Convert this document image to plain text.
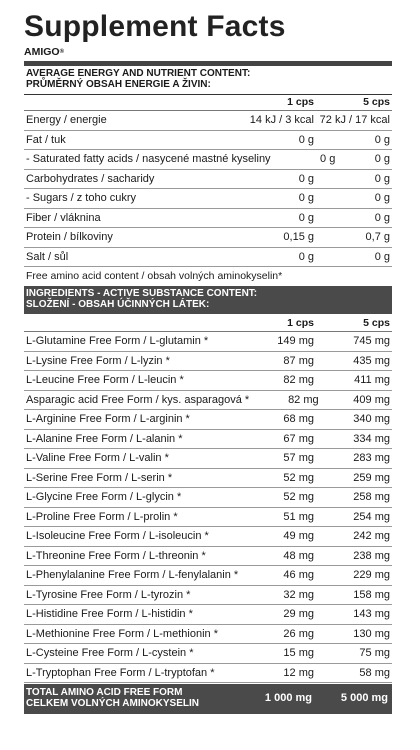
Supplement Facts
AMIGO®
AVERAGE ENERGY AND NUTRIENT CONTENT:
PRŮMĚRNÝ OBSAH ENERGIE A ŽIVIN:
1 cps	5 cps
Energy / energie	14 kJ / 3 kcal 72 kJ / 17 kcal
Fat / tuk	0 g	0 g
- Saturated fatty acids / nasycené mastné kyseliny	0 g	0 g
Carbohydrates / sacharidy	0 g	0 g
- Sugars / z toho cukry	0 g	0 g
Fiber / vláknina	0 g	0 g
Protein / bílkoviny	0,15 g	0,7 g
Salt / sůl	0 g	0 g
Free amino acid content / obsah volných aminokyselin*
INGREDIENTS - ACTIVE SUBSTANCE CONTENT:
SLOŽENÍ - OBSAH ÚČINNÝCH LÁTEK:
1 cps	5 cps
L-Glutamine Free Form / L-glutamin *	149 mg	745 mg
L-Lysine Free Form / L-lyzin *	87 mg	435 mg
L-Leucine Free Form / L-leucin *	82 mg	411 mg
Asparagic acid Free Form / kys. asparagová *	82 mg	409 mg
L-Arginine Free Form / L-arginin *	68 mg	340 mg
L-Alanine Free Form / L-alanin *	67 mg	334 mg
L-Valine Free Form / L-valin *	57 mg	283 mg
L-Serine Free Form / L-serin *	52 mg	259 mg
L-Glycine Free Form / L-glycin *	52 mg	258 mg
L-Proline Free Form / L-prolin *	51 mg	254 mg
L-Isoleucine Free Form / L-isoleucin *	49 mg	242 mg
L-Threonine Free Form / L-threonin *	48 mg	238 mg
L-Phenylalanine Free Form / L-fenylalanin *	46 mg	229 mg
L-Tyrosine Free Form / L-tyrozin *	32 mg	158 mg
L-Histidine Free Form / L-histidin *	29 mg	143 mg
L-Methionine Free Form / L-methionin *	26 mg	130 mg
L-Cysteine Free Form / L-cystein *	15 mg	75 mg
L-Tryptophan Free Form / L-tryptofan *	12 mg	58 mg
TOTAL AMINO ACID FREE FORM
CELKEM VOLNÝCH AMINOKYSELIN	1 000 mg	5 000 mg
